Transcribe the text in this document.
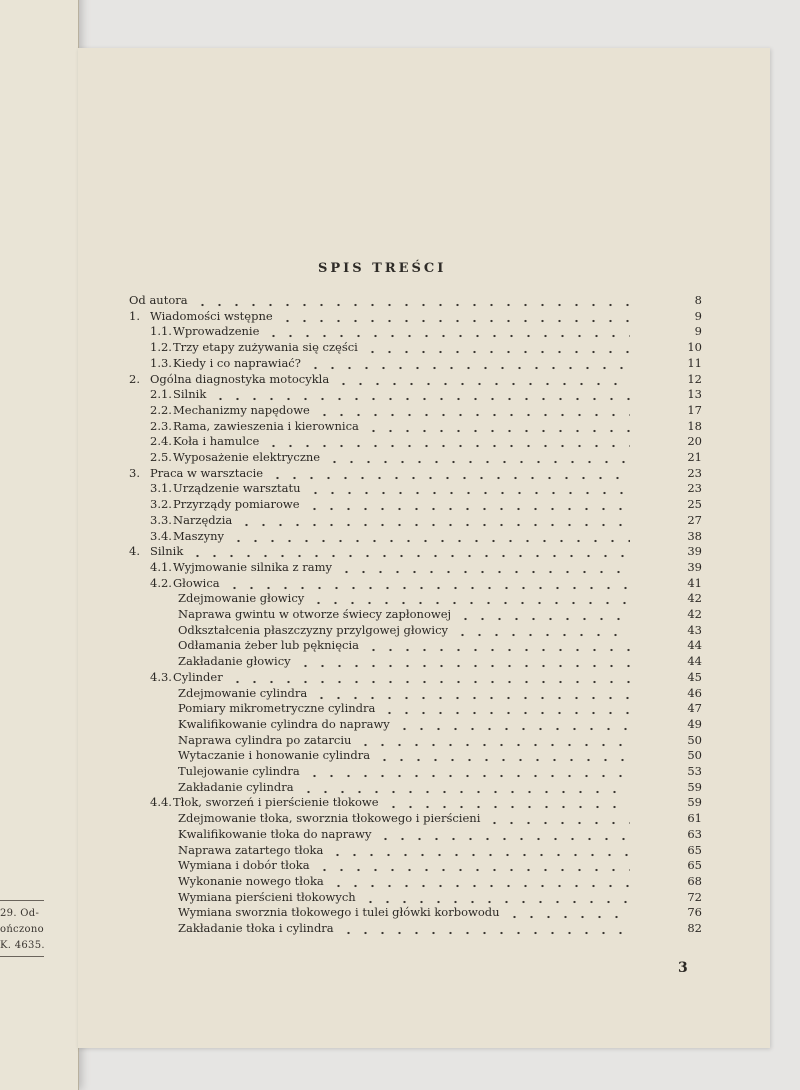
29. Od-
ończono
K. 4635.
SPIS TREŚCI
Od autora	8
1. Wiadomości wstępne	9
1.1. Wprowadzenie	9
1.2. Trzy etapy zużywania się części	10
1.3. Kiedy i co naprawiać?	11
2. Ogólna diagnostyka motocykla	12
2.1. Silnik	13
2.2. Mechanizmy napędowe	17
2.3. Rama, zawieszenia i kierownica	18
2.4. Koła i hamulce	20
2.5. Wyposażenie elektryczne	21
3. Praca w warsztacie	23
3.1. Urządzenie warsztatu	23
3.2. Przyrządy pomiarowe	25
3.3. Narzędzia	27
3.4. Maszyny	38
4. Silnik	39
4.1. Wyjmowanie silnika z ramy	39
4.2. Głowica	41
Zdejmowanie głowicy	42
Naprawa gwintu w otworze świecy zapłonowej	42
Odkształcenia płaszczyzny przylgowej głowicy	43
Odłamania żeber lub pęknięcia	44
Zakładanie głowicy	44
4.3. Cylinder	45
Zdejmowanie cylindra	46
Pomiary mikrometryczne cylindra	47
Kwalifikowanie cylindra do naprawy	49
Naprawa cylindra po zatarciu	50
Wytaczanie i honowanie cylindra	50
Tulejowanie cylindra	53
Zakładanie cylindra	59
4.4. Tłok, sworzeń i pierścienie tłokowe	59
Zdejmowanie tłoka, sworznia tłokowego i pierścieni	61
Kwalifikowanie tłoka do naprawy	63
Naprawa zatartego tłoka	65
Wymiana i dobór tłoka	65
Wykonanie nowego tłoka	68
Wymiana pierścieni tłokowych	72
Wymiana sworznia tłokowego i tulei główki korbowodu	76
Zakładanie tłoka i cylindra	82
3
